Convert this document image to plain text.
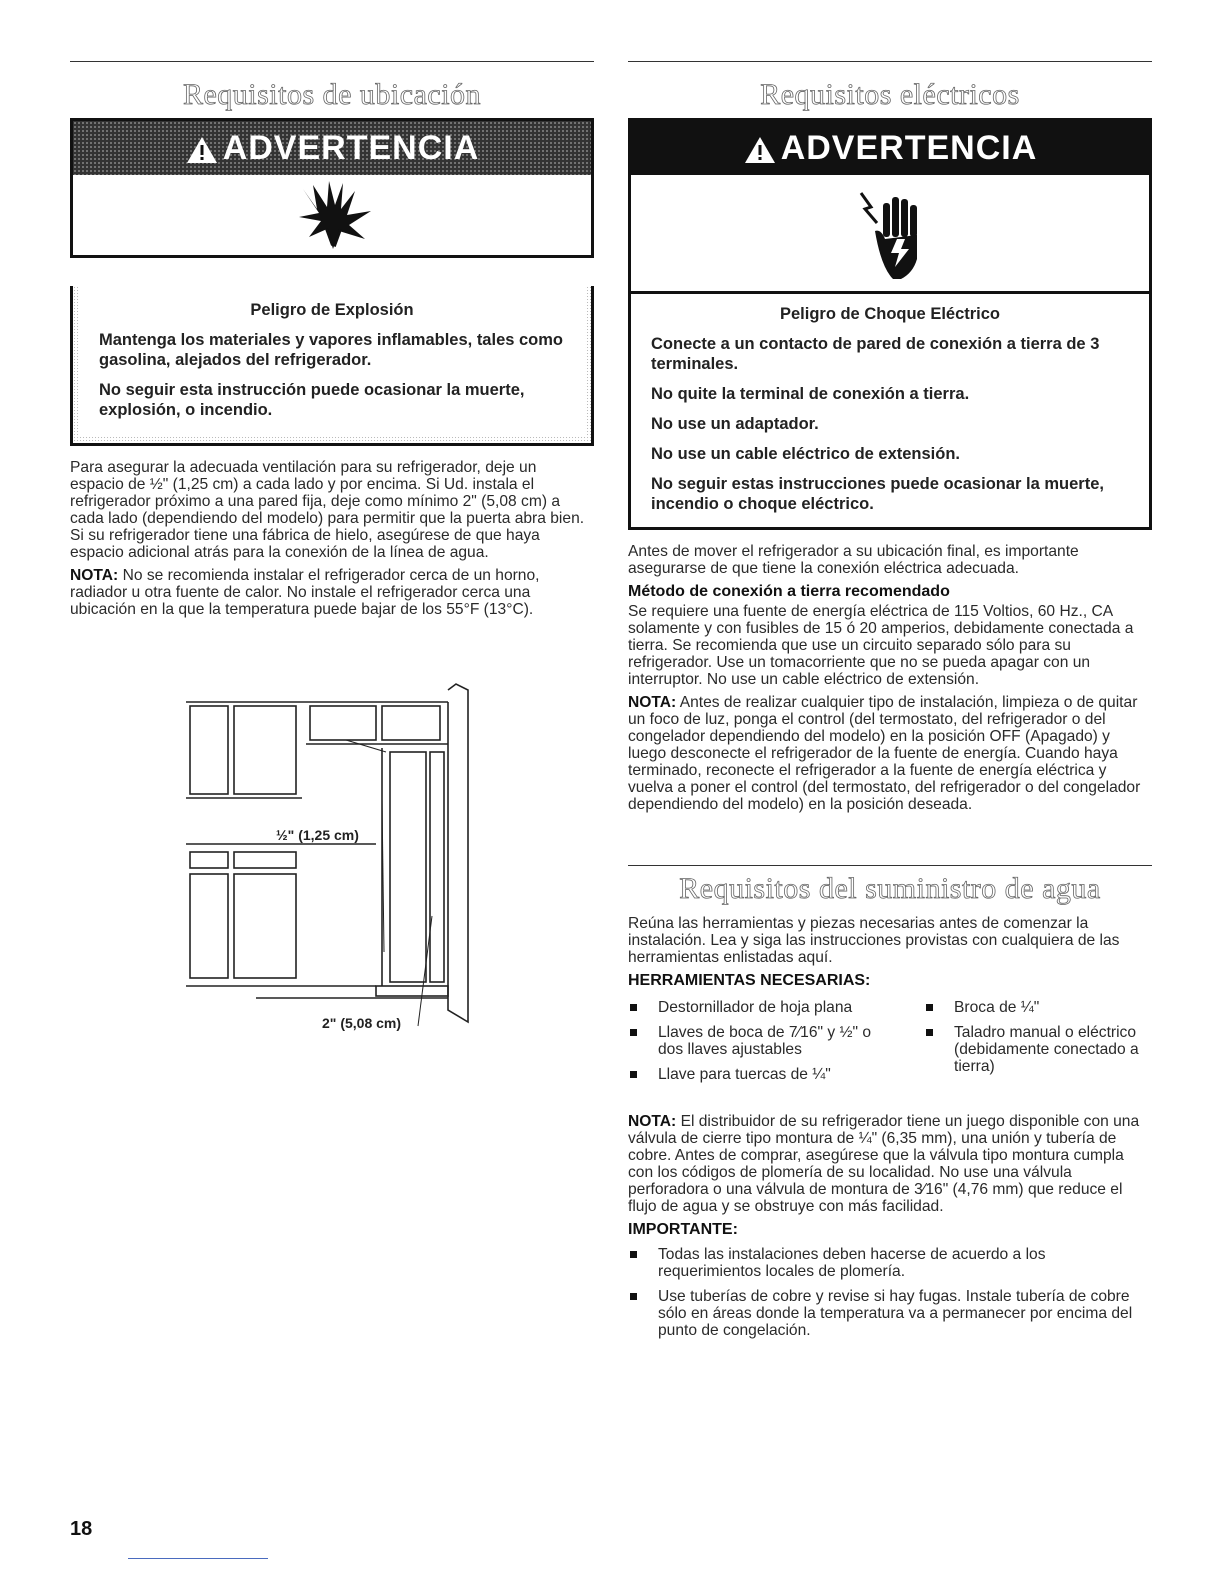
Requisitos de ubicación
ADVERTENCIA
Peligro de Explosión

Mantenga los materiales y vapores inflamables, tales como gasolina, alejados del refrigerador.

No seguir esta instrucción puede ocasionar la muerte, explosión, o incendio.

Para asegurar la adecuada ventilación para su refrigerador, deje un espacio de ½" (1,25 cm) a cada lado y por encima. Si Ud. instala el refrigerador próximo a una pared fija, deje como mínimo 2" (5,08 cm) a cada lado (dependiendo del modelo) para permitir que la puerta abra bien. Si su refrigerador tiene una fábrica de hielo, asegúrese de que haya espacio adicional atrás para la conexión de la línea de agua.

NOTA: No se recomienda instalar el refrigerador cerca de un horno, radiador u otra fuente de calor. No instale el refrigerador cerca una ubicación en la que la temperatura puede bajar de los 55°F (13°C).

½" (1,25 cm)
2" (5,08 cm)
Requisitos eléctricos
ADVERTENCIA
Peligro de Choque Eléctrico

Conecte a un contacto de pared de conexión a tierra de 3 terminales.

No quite la terminal de conexión a tierra.

No use un adaptador.

No use un cable eléctrico de extensión.

No seguir estas instrucciones puede ocasionar la muerte, incendio o choque eléctrico.

Antes de mover el refrigerador a su ubicación final, es importante asegurarse de que tiene la conexión eléctrica adecuada.

Método de conexión a tierra recomendado

Se requiere una fuente de energía eléctrica de 115 Voltios, 60 Hz., CA solamente y con fusibles de 15 ó 20 amperios, debidamente conectada a tierra. Se recomienda que use un circuito separado sólo para su refrigerador. Use un tomacorriente que no se pueda apagar con un interruptor. No use un cable eléctrico de extensión.

NOTA: Antes de realizar cualquier tipo de instalación, limpieza o de quitar un foco de luz, ponga el control (del termostato, del refrigerador o del congelador dependiendo del modelo) en la posición OFF (Apagado) y luego desconecte el refrigerador de la fuente de energía. Cuando haya terminado, reconecte el refrigerador a la fuente de energía eléctrica y vuelva a poner el control (del termostato, del refrigerador o del congelador dependiendo del modelo) en la posición deseada.

Requisitos del suministro de agua

Reúna las herramientas y piezas necesarias antes de comenzar la instalación. Lea y siga las instrucciones provistas con cualquiera de las herramientas enlistadas aquí.

HERRAMIENTAS NECESARIAS:
Destornillador de hoja plana
Llaves de boca de 7⁄16" y ½" o dos llaves ajustables
Llave para tuercas de ¼"
Broca de ¼"
Taladro manual o eléctrico (debidamente conectado a tierra)

NOTA: El distribuidor de su refrigerador tiene un juego disponible con una válvula de cierre tipo montura de ¼" (6,35 mm), una unión y tubería de cobre. Antes de comprar, asegúrese que la válvula tipo montura cumpla con los códigos de plomería de su localidad. No use una válvula perforadora o una válvula de montura de 3⁄16" (4,76 mm) que reduce el flujo de agua y se obstruye con más facilidad.

IMPORTANTE:
Todas las instalaciones deben hacerse de acuerdo a los requerimientos locales de plomería.
Use tuberías de cobre y revise si hay fugas. Instale tubería de cobre sólo en áreas donde la temperatura va a permanecer por encima del punto de congelación.
18
